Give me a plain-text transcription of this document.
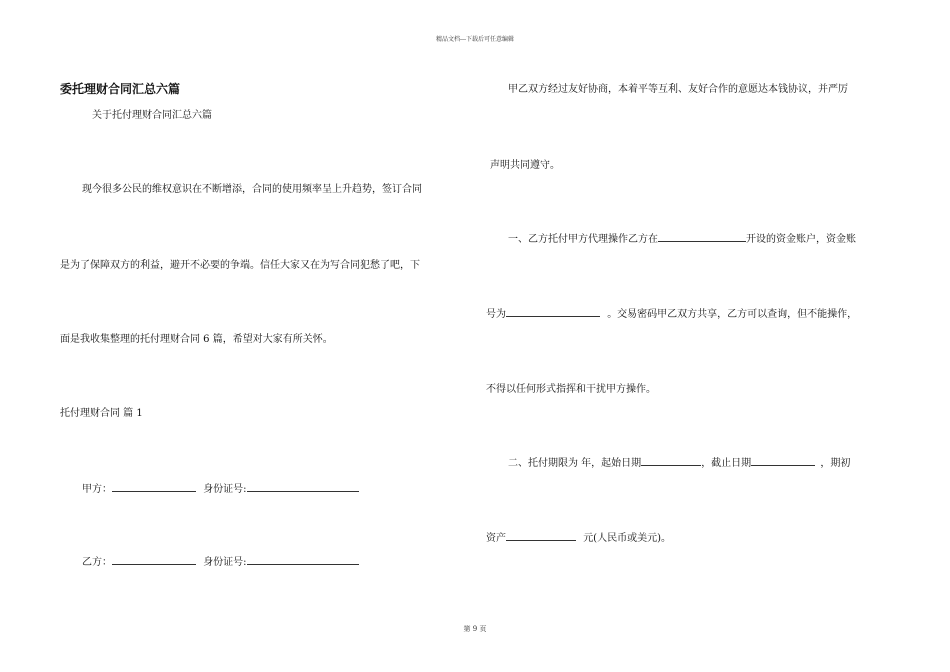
精品文档---下载后可任意编辑
委托理财合同汇总六篇
关于托付理财合同汇总六篇
现今很多公民的维权意识在不断增添，合同的使用频率呈上升趋势，签订合同
是为了保障双方的利益，避开不必要的争端。信任大家又在为写合同犯愁了吧，下
面是我收集整理的托付理财合同 6 篇，希望对大家有所关怀。
托付理财合同 篇 1
甲方：	身份证号:
乙方：	身份证号:
甲乙双方经过友好协商，本着平等互利、友好合作的意愿达本钱协议，并严厉
声明共同遵守。
一、乙方托付甲方代理操作乙方在	开设的资金账户，资金账
号为	。交易密码甲乙双方共享，乙方可以查询，但不能操作，
不得以任何形式指挥和干扰甲方操作。
二、托付期限为 年，起始日期	，截止日期	，期初
资产	元(人民币或美元)。
第 9 页
